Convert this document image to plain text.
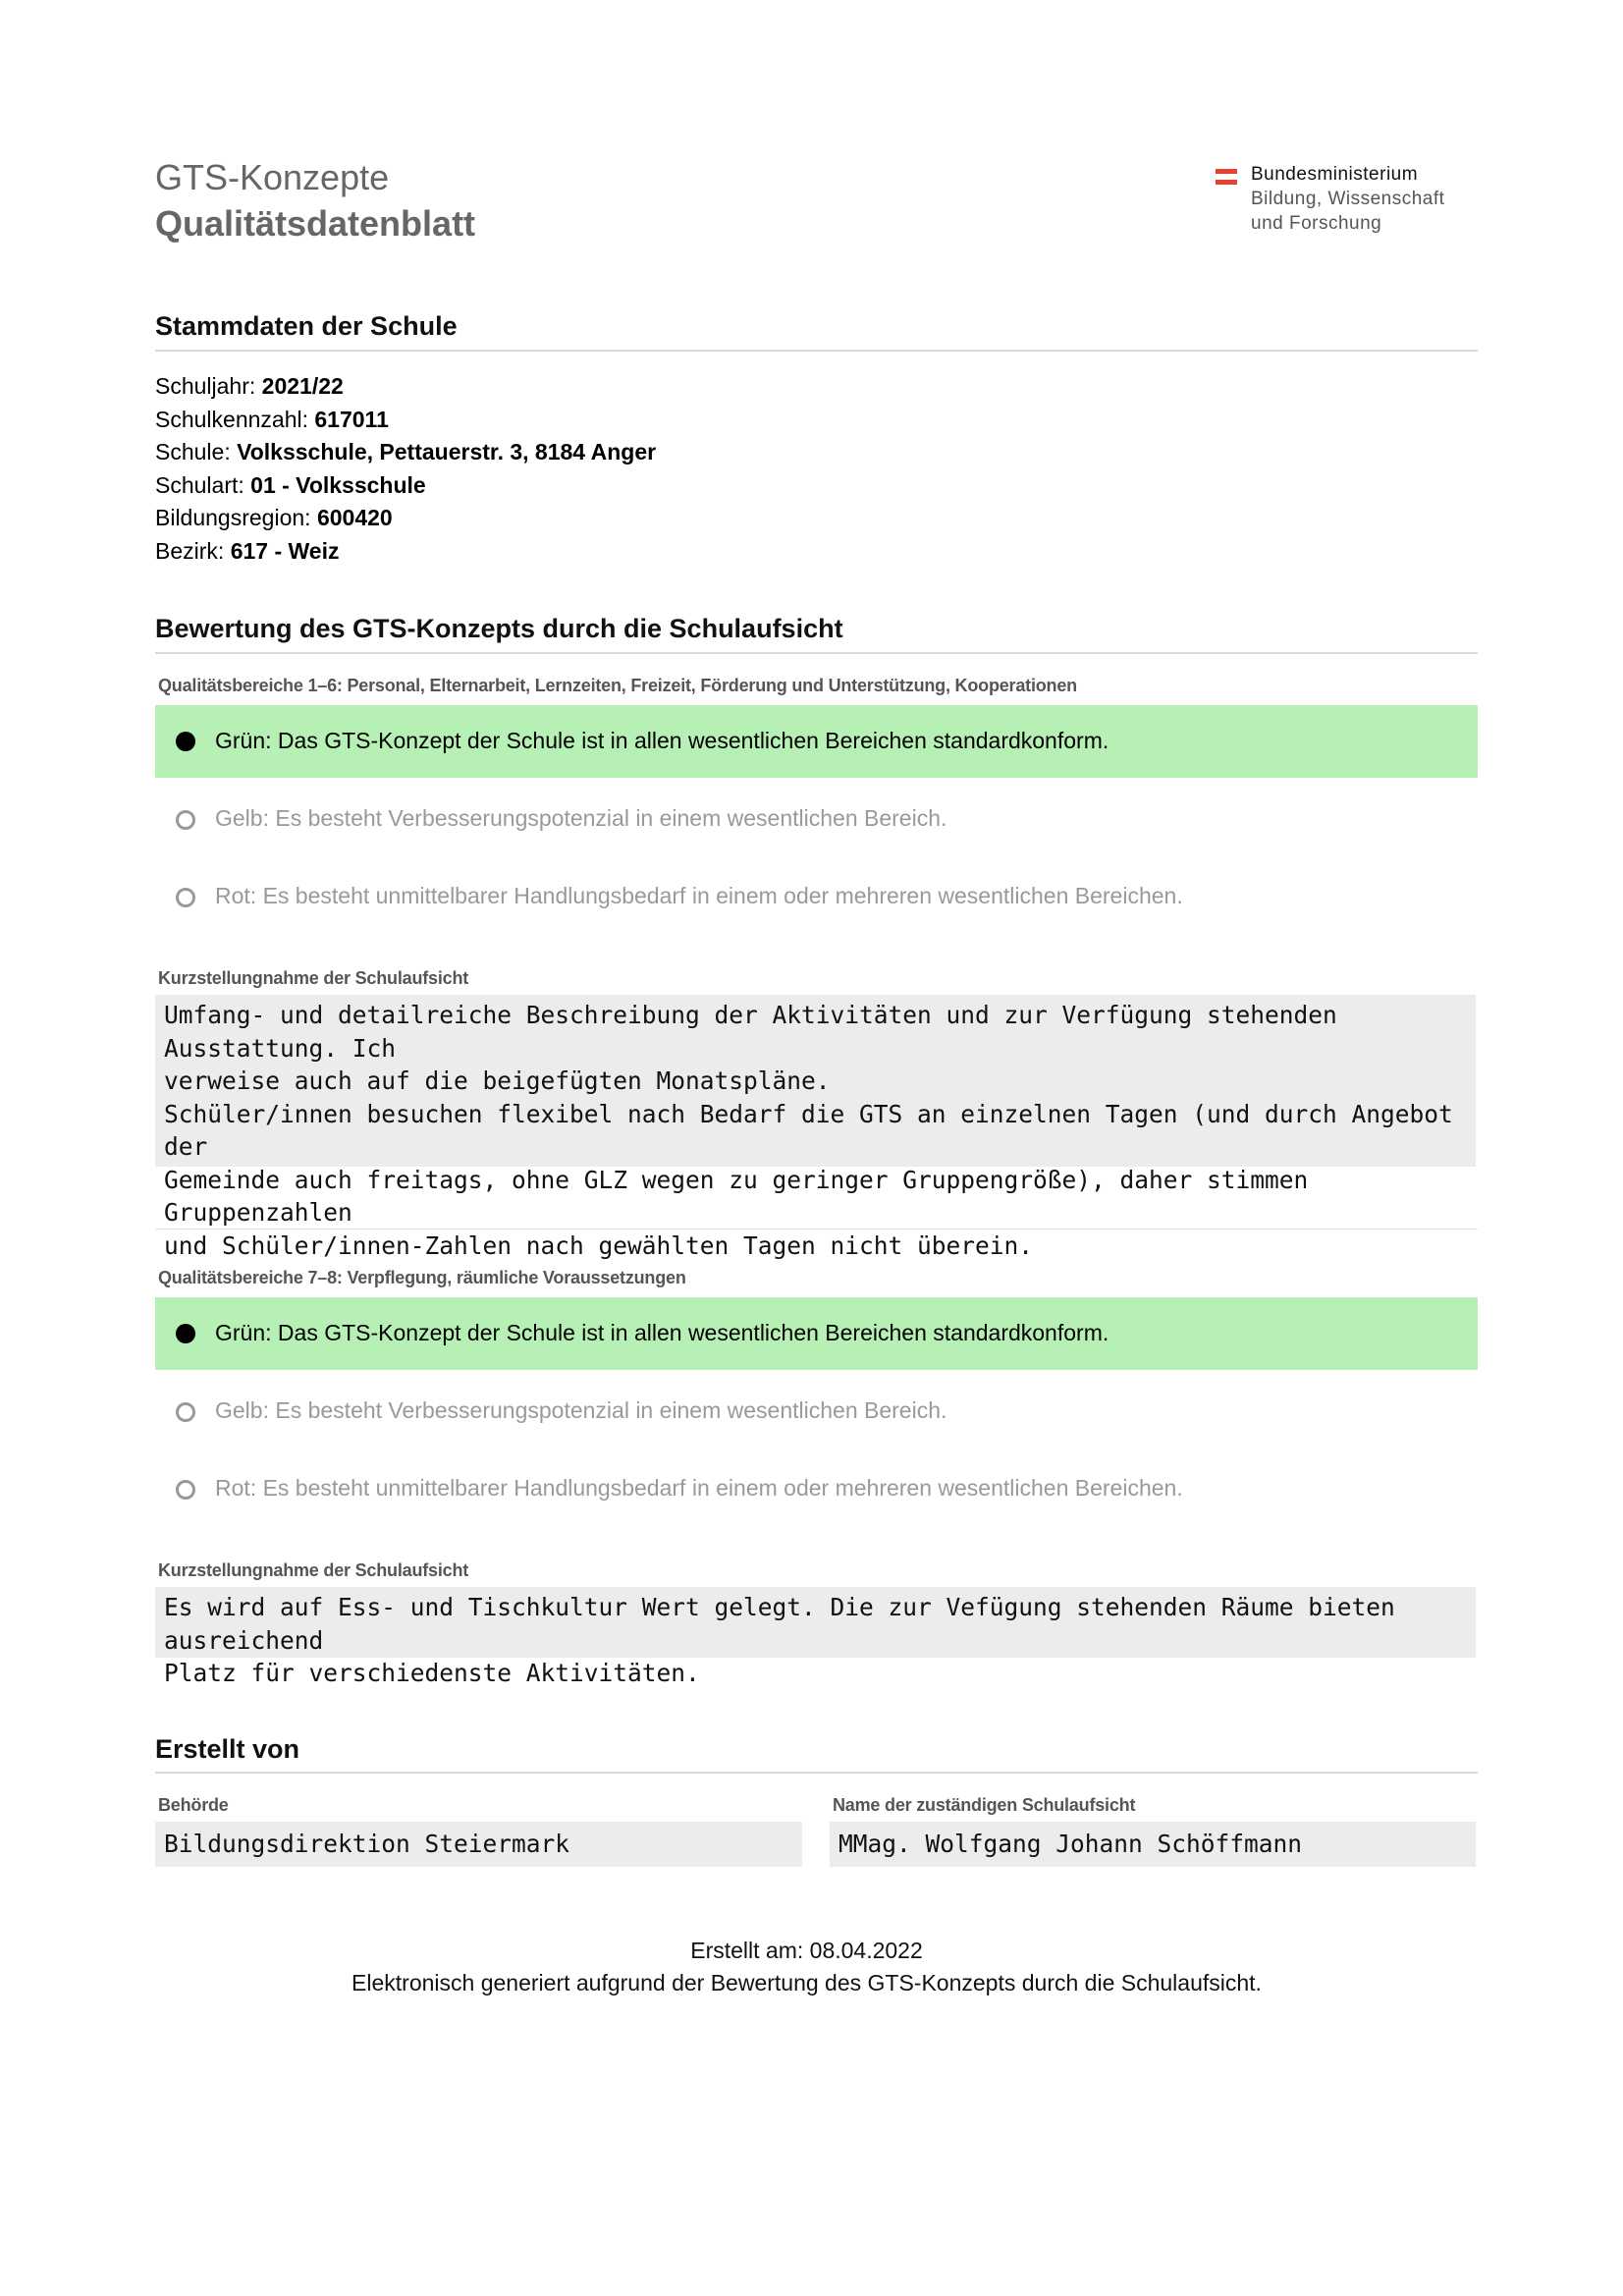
GTS-Konzepte
Qualitätsdatenblatt
Bundesministerium
Bildung, Wissenschaft
und Forschung
Stammdaten der Schule
Schuljahr: 2021/22
Schulkennzahl: 617011
Schule: Volksschule, Pettauerstr. 3, 8184 Anger
Schulart: 01 - Volksschule
Bildungsregion: 600420
Bezirk: 617 - Weiz
Bewertung des GTS-Konzepts durch die Schulaufsicht
Qualitätsbereiche 1–6: Personal, Elternarbeit, Lernzeiten, Freizeit, Förderung und Unterstützung, Kooperationen
Grün: Das GTS-Konzept der Schule ist in allen wesentlichen Bereichen standardkonform.
Gelb: Es besteht Verbesserungspotenzial in einem wesentlichen Bereich.
Rot: Es besteht unmittelbarer Handlungsbedarf in einem oder mehreren wesentlichen Bereichen.
Kurzstellungnahme der Schulaufsicht
Umfang- und detailreiche Beschreibung der Aktivitäten und zur Verfügung stehenden Ausstattung. Ich
verweise auch auf die beigefügten Monatspläne.
Schüler/innen besuchen flexibel nach Bedarf die GTS an einzelnen Tagen (und durch Angebot der
Gemeinde auch freitags, ohne GLZ wegen zu geringer Gruppengröße), daher stimmen Gruppenzahlen
und Schüler/innen-Zahlen nach gewählten Tagen nicht überein.
Qualitätsbereiche 7–8: Verpflegung, räumliche Voraussetzungen
Grün: Das GTS-Konzept der Schule ist in allen wesentlichen Bereichen standardkonform.
Gelb: Es besteht Verbesserungspotenzial in einem wesentlichen Bereich.
Rot: Es besteht unmittelbarer Handlungsbedarf in einem oder mehreren wesentlichen Bereichen.
Kurzstellungnahme der Schulaufsicht
Es wird auf Ess- und Tischkultur Wert gelegt. Die zur Vefügung stehenden Räume bieten ausreichend
Platz für verschiedenste Aktivitäten.
Erstellt von
Behörde
Bildungsdirektion Steiermark
Name der zuständigen Schulaufsicht
MMag. Wolfgang Johann Schöffmann
Erstellt am: 08.04.2022
Elektronisch generiert aufgrund der Bewertung des GTS-Konzepts durch die Schulaufsicht.
